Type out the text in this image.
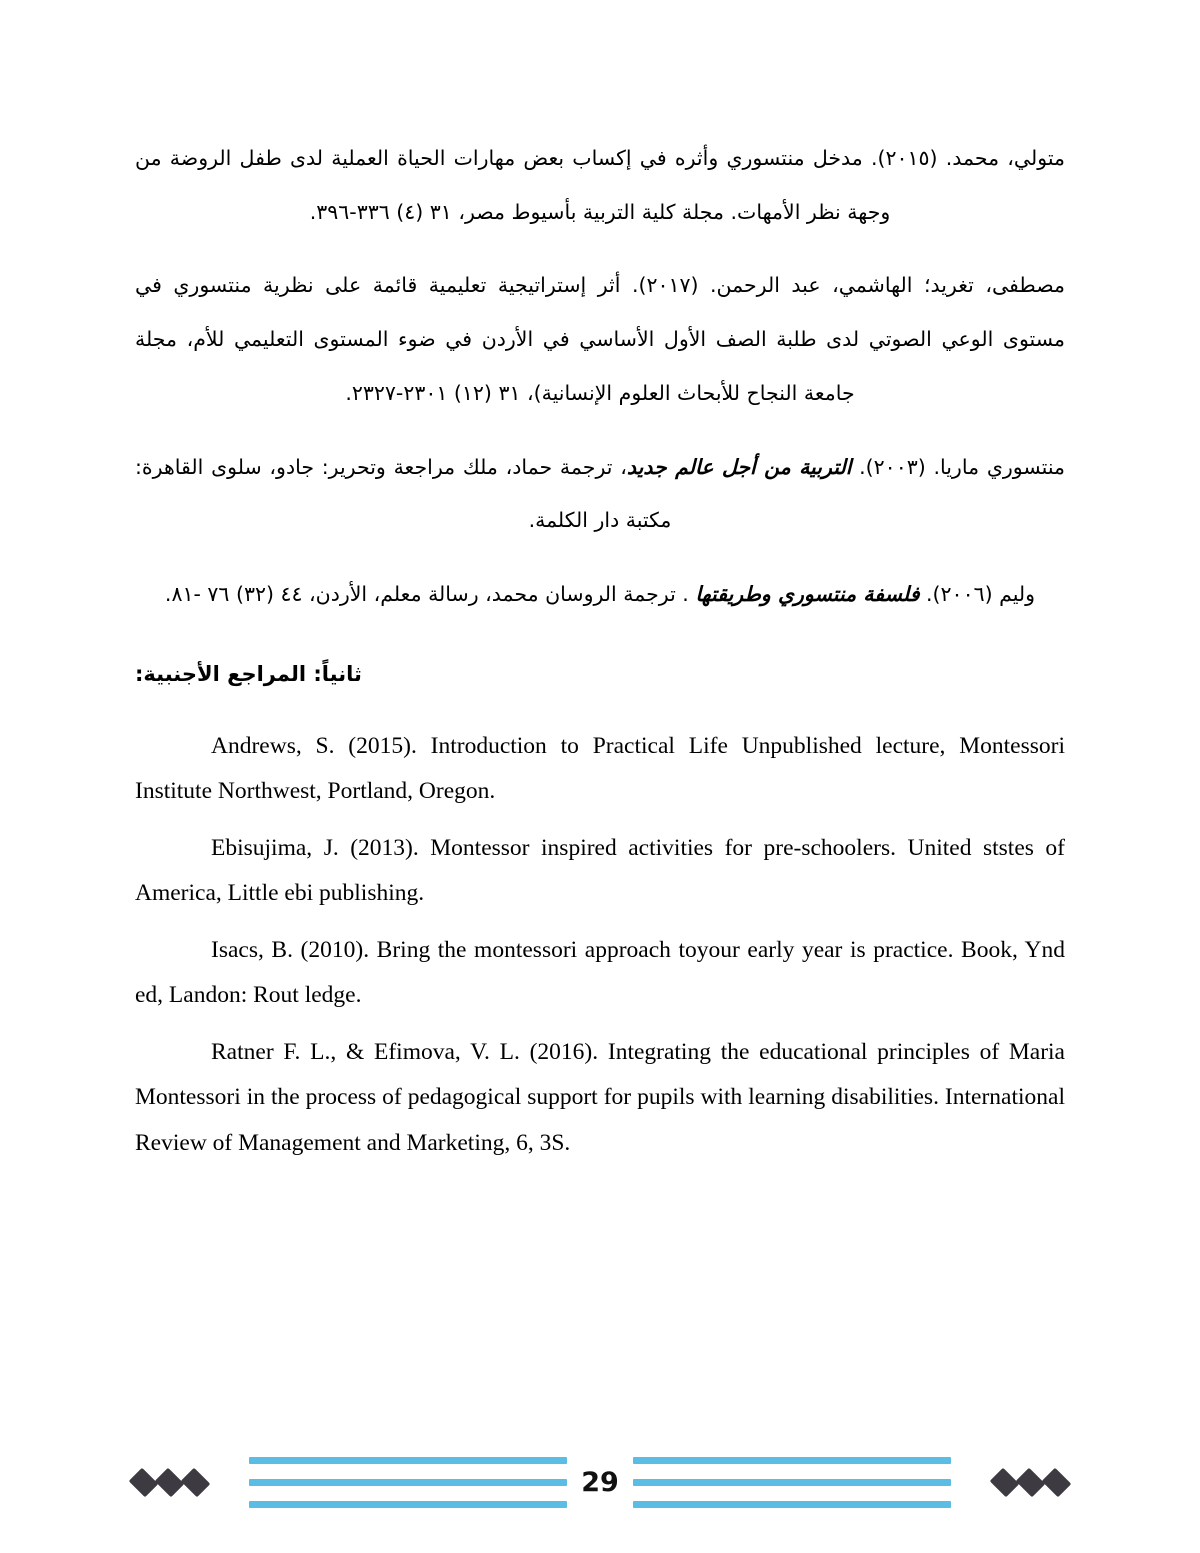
متولي، محمد. (٢٠١٥). مدخل منتسوري وأثره في إكساب بعض مهارات الحياة العملية لدى طفل الروضة من وجهة نظر الأمهات. مجلة كلية التربية بأسيوط مصر، ٣١ (٤) ٣٣٦-٣٩٦.

مصطفى، تغريد؛ الهاشمي، عبد الرحمن. (٢٠١٧). أثر إستراتيجية تعليمية قائمة على نظرية منتسوري في مستوى الوعي الصوتي لدى طلبة الصف الأول الأساسي في الأردن في ضوء المستوى التعليمي للأم، مجلة جامعة النجاح للأبحاث العلوم الإنسانية)، ٣١ (١٢) ٢٣٠١-٢٣٢٧.

منتسوري ماريا. (٢٠٠٣). التربية من أجل عالم جديد، ترجمة حماد، ملك مراجعة وتحرير: جادو، سلوى القاهرة: مكتبة دار الكلمة.

وليم (٢٠٠٦). فلسفة منتسوري وطريقتها . ترجمة الروسان محمد، رسالة معلم، الأردن، ٤٤ (٣٢) ٧٦ -٨١.

ثانياً: المراجع الأجنبية:

Andrews, S. (2015). Introduction to Practical Life Unpublished lecture, Montessori Institute Northwest, Portland, Oregon.

Ebisujima, J. (2013). Montessor inspired activities for pre-schoolers. United ststes of America, Little ebi publishing.

Isacs, B. (2010). Bring the montessori approach toyour early year is practice. Book, Ynd ed, Landon: Rout ledge.

Ratner F. L., & Efimova, V. L. (2016). Integrating the educational principles of Maria Montessori in the process of pedagogical support for pupils with learning disabilities. International Review of Management and Marketing, 6, 3S.

29
